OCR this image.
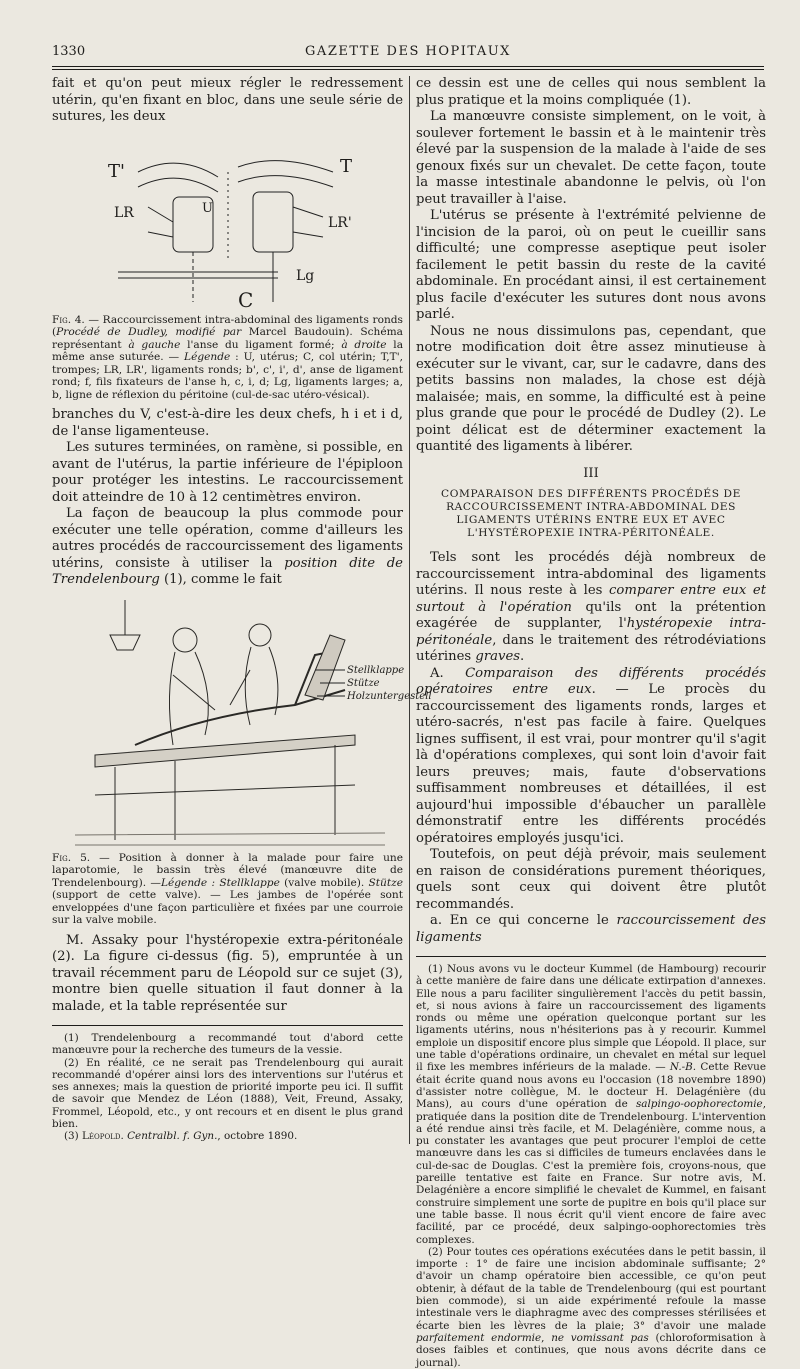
1330	GAZETTE DES HOPITAUX

fait et qu'on peut mieux régler le redressement utérin, qu'en fixant en bloc, dans une seule série de sutures, les deux

T'	T
LR
LR'
Lg
U
C
Fig. 4. — Raccourcissement intra-abdominal des ligaments ronds (Procédé de Dudley, modifié par Marcel Baudouin). Schéma représentant à gauche l'anse du ligament formé; à droite la même anse suturée. — Légende : U, utérus; C, col utérin; T,T', trompes; LR, LR', ligaments ronds; b', c', i', d', anse de ligament rond; f, fils fixateurs de l'anse h, c, i, d; Lg, ligaments larges; a, b, ligne de réflexion du péritoine (cul-de-sac utéro-vésical).

branches du V, c'est-à-dire les deux chefs, h i et i d, de l'anse ligamenteuse.

Les sutures terminées, on ramène, si possible, en avant de l'utérus, la partie inférieure de l'épiploon pour protéger les intestins. Le raccourcissement doit atteindre de 10 à 12 centimètres environ.

La façon de beaucoup la plus commode pour exécuter une telle opération, comme d'ailleurs les autres procédés de raccourcissement des ligaments utérins, consiste à utiliser la position dite de Trendelenbourg (1), comme le fait

Stellklappe
Stütze
Holzuntergestell
Fig. 5. — Position à donner à la malade pour faire une laparotomie, le bassin très élevé (manœuvre dite de Trendelenbourg). —Légende : Stellklappe (valve mobile). Stütze (support de cette valve). — Les jambes de l'opérée sont enveloppées d'une façon particulière et fixées par une courroie sur la valve mobile.

M. Assaky pour l'hystéropexie extra-péritonéale (2). La figure ci-dessus (fig. 5), empruntée à un travail récemment paru de Léopold sur ce sujet (3), montre bien quelle situation il faut donner à la malade, et la table représentée sur

(1) Trendelenbourg a recommandé tout d'abord cette manœuvre pour la recherche des tumeurs de la vessie.

(2) En réalité, ce ne serait pas Trendelenbourg qui aurait recommandé d'opérer ainsi lors des interventions sur l'utérus et ses annexes; mais la question de priorité importe peu ici. Il suffit de savoir que Mendez de Léon (1888), Veit, Freund, Assaky, Frommel, Léopold, etc., y ont recours et en disent le plus grand bien.

(3) Léopold. Centralbl. f. Gyn., octobre 1890.

ce dessin est une de celles qui nous semblent la plus pratique et la moins compliquée (1).

La manœuvre consiste simplement, on le voit, à soulever fortement le bassin et à le maintenir très élevé par la suspension de la malade à l'aide de ses genoux fixés sur un chevalet. De cette façon, toute la masse intestinale abandonne le pelvis, où l'on peut travailler à l'aise.

L'utérus se présente à l'extrémité pelvienne de l'incision de la paroi, où on peut le cueillir sans difficulté; une compresse aseptique peut isoler facilement le petit bassin du reste de la cavité abdominale. En procédant ainsi, il est certainement plus facile d'exécuter les sutures dont nous avons parlé.

Nous ne nous dissimulons pas, cependant, que notre modification doit être assez minutieuse à exécuter sur le vivant, car, sur le cadavre, dans des petits bassins non malades, la chose est déjà malaisée; mais, en somme, la difficulté est à peine plus grande que pour le procédé de Dudley (2). Le point délicat est de déterminer exactement la quantité des ligaments à libérer.

III
COMPARAISON DES DIFFÉRENTS PROCÉDÉS DE RACCOURCISSEMENT INTRA-ABDOMINAL DES LIGAMENTS UTÉRINS ENTRE EUX ET AVEC L'HYSTÉROPEXIE INTRA-PÉRITONÉALE.

Tels sont les procédés déjà nombreux de raccourcissement intra-abdominal des ligaments utérins. Il nous reste à les comparer entre eux et surtout à l'opération qu'ils ont la prétention exagérée de supplanter, l'hystéropexie intra-péritonéale, dans le traitement des rétrodéviations utérines graves.

A. Comparaison des différents procédés opératoires entre eux. — Le procès du raccourcissement des ligaments ronds, larges et utéro-sacrés, n'est pas facile à faire. Quelques lignes suffisent, il est vrai, pour montrer qu'il s'agit là d'opérations complexes, qui sont loin d'avoir fait leurs preuves; mais, faute d'observations suffisamment nombreuses et détaillées, il est aujourd'hui impossible d'ébaucher un parallèle démonstratif entre les différents procédés opératoires employés jusqu'ici.

Toutefois, on peut déjà prévoir, mais seulement en raison de considérations purement théoriques, quels sont ceux qui doivent être plutôt recommandés.

a. En ce qui concerne le raccourcissement des ligaments

(1) Nous avons vu le docteur Kummel (de Hambourg) recourir à cette manière de faire dans une délicate extirpation d'annexes. Elle nous a paru faciliter singulièrement l'accès du petit bassin, et, si nous avions à faire un raccourcissement des ligaments ronds ou même une opération quelconque portant sur les ligaments utérins, nous n'hésiterions pas à y recourir. Kummel emploie un dispositif encore plus simple que Léopold. Il place, sur une table d'opérations ordinaire, un chevalet en métal sur lequel il fixe les membres inférieurs de la malade. — N.-B. Cette Revue était écrite quand nous avons eu l'occasion (18 novembre 1890) d'assister notre collègue, M. le docteur H. Delagénière (du Mans), au cours d'une opération de salpingo-oophorectomie, pratiquée dans la position dite de Trendelenbourg. L'intervention a été rendue ainsi très facile, et M. Delagénière, comme nous, a pu constater les avantages que peut procurer l'emploi de cette manœuvre dans les cas si difficiles de tumeurs enclavées dans le cul-de-sac de Douglas. C'est la première fois, croyons-nous, que pareille tentative est faite en France. Sur notre avis, M. Delagénière a encore simplifié le chevalet de Kummel, en faisant construire simplement une sorte de pupitre en bois qu'il place sur une table basse. Il nous écrit qu'il vient encore de faire avec facilité, par ce procédé, deux salpingo-oophorectomies très complexes.

(2) Pour toutes ces opérations exécutées dans le petit bassin, il importe : 1° de faire une incision abdominale suffisante; 2° d'avoir un champ opératoire bien accessible, ce qu'on peut obtenir, à défaut de la table de Trendelenbourg (qui est pourtant bien commode), si un aide expérimenté refoule la masse intestinale vers le diaphragme avec des compresses stérilisées et écarte bien les lèvres de la plaie; 3° d'avoir une malade parfaitement endormie, ne vomissant pas (chloroformisation à doses faibles et continues, que nous avons décrite dans ce journal).
